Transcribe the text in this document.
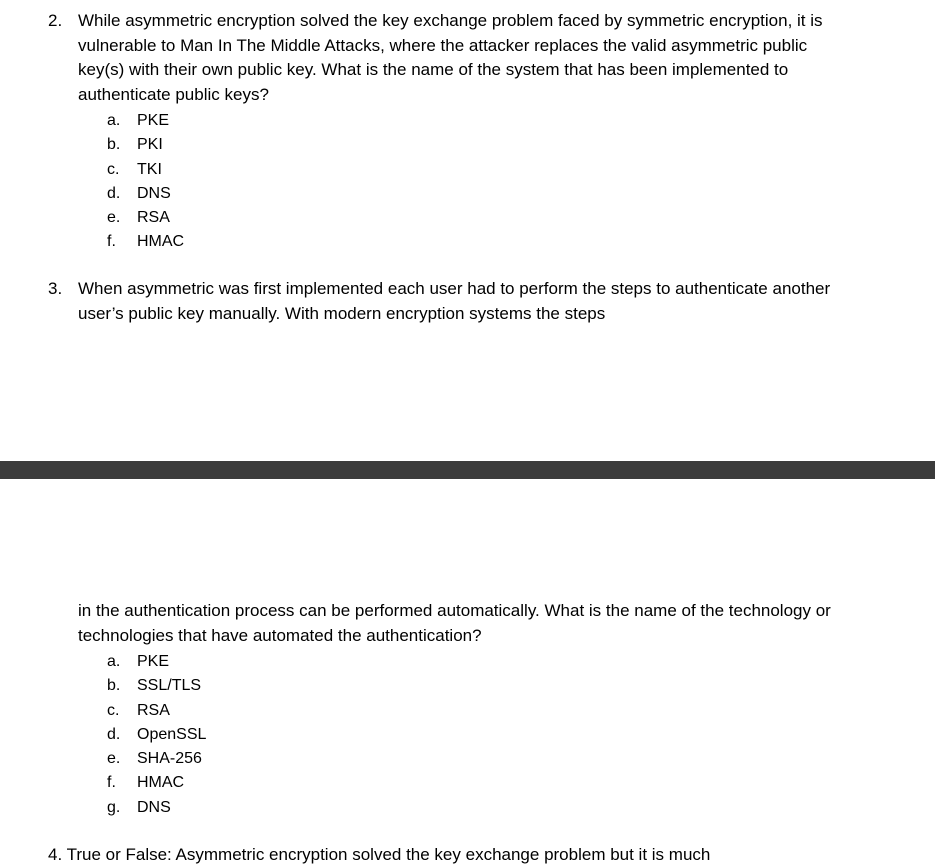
2. While asymmetric encryption solved the key exchange problem faced by symmetric encryption, it is vulnerable to Man In The Middle Attacks, where the attacker replaces the valid asymmetric public key(s) with their own public key. What is the name of the system that has been implemented to authenticate public keys?
a.	PKE
b.	PKI
c.	TKI
d.	DNS
e.	RSA
f.	HMAC
3. When asymmetric was first implemented each user had to perform the steps to authenticate another user’s public key manually. With modern encryption systems the steps
in the authentication process can be performed automatically. What is the name of the technology or technologies that have automated the authentication?
a.	PKE
b.	SSL/TLS
c.	RSA
d.	OpenSSL
e.	SHA-256
f.	HMAC
g.	DNS
4. True or False: Asymmetric encryption solved the key exchange problem but it is much
